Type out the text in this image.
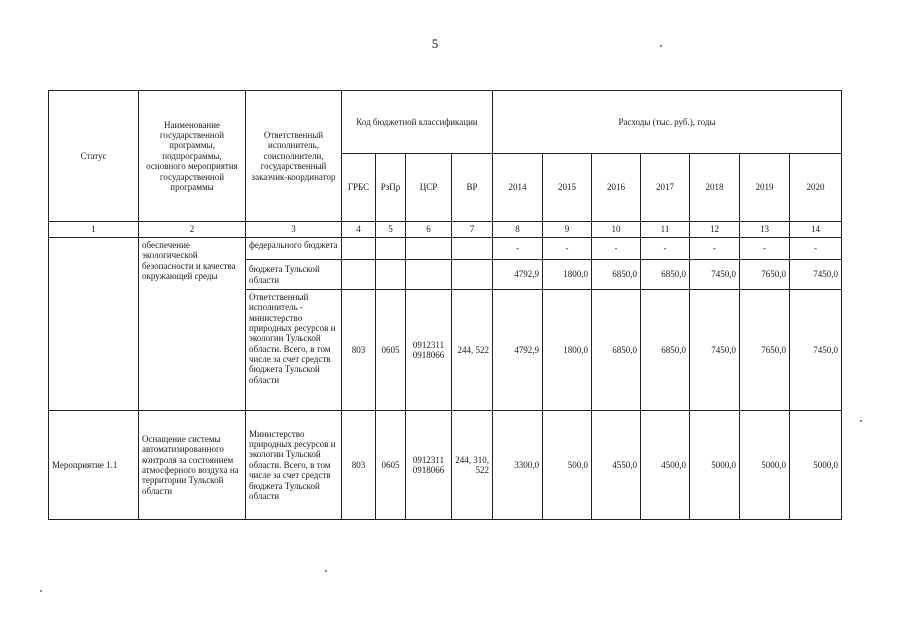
5
Статус	Наименование государственной программы, подпрограммы, основного мероприятия государственной программы	Ответственный исполнитель, соисполнители, государственный заказчик-координатор	Код бюджетной классификации				Расходы (тыс. руб.), годы						
			ГРБС	РзПр	ЦСР	ВР	2014	2015	2016	2017	2018	2019	2020
1	2	3	4	5	6	7	8	9	10	11	12	13	14
	обеспечение экологической безопасности и качества окружающей среды	федерального бюджета					-	-	-	-	-	-	-
		бюджета Тульской области					4792,9	1800,0	6850,0	6850,0	7450,0	7650,0	7450,0
		Ответственный исполнитель - министерство природных ресурсов и экологии Тульской области. Всего, в том числе за счет средств бюджета Тульской области	803	0605	0912311 0918066	244, 522	4792,9	1800,0	6850,0	6850,0	7450,0	7650,0	7450,0
Мероприятие 1.1	Оснащение системы автоматизированного контроля за состоянием атмосферного воздуха на территории Тульской области	Министерство природных ресурсов и экологии Тульской области. Всего, в том числе за счет средств бюджета Тульской области	803	0605	0912311 0918066	244, 310, 522	3300,0	500,0	4550,0	4500,0	5000,0	5000,0	5000,0
